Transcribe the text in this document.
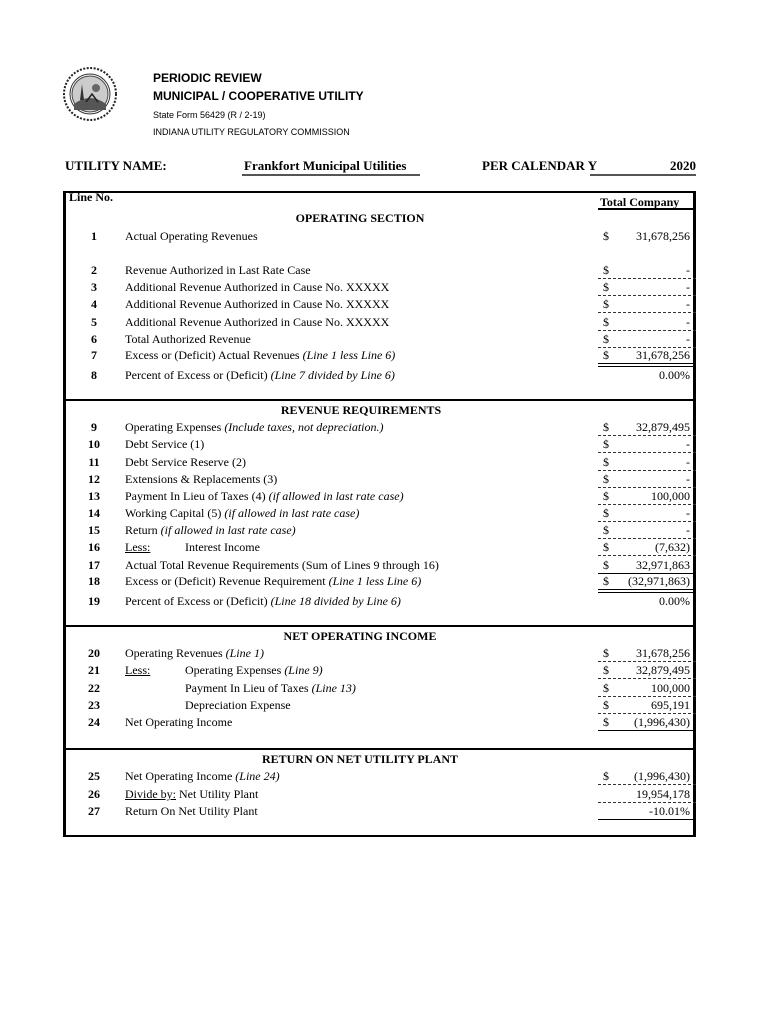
PERIODIC REVIEW
MUNICIPAL / COOPERATIVE UTILITY
State Form 56429 (R / 2-19)
INDIANA UTILITY REGULATORY COMMISSION
UTILITY NAME:	Frankfort Municipal Utilities	PER CALENDAR Y	2020
Line No.	Total Company
OPERATING SECTION
1	Actual Operating Revenues	$ 31,678,256
2	Revenue Authorized in Last Rate Case	$	-
3	Additional Revenue Authorized in Cause No. XXXXX	$	-
4	Additional Revenue Authorized in Cause No. XXXXX	$	-
5	Additional Revenue Authorized in Cause No. XXXXX	$	-
6	Total Authorized Revenue	$	-
7	Excess or (Deficit) Actual Revenues (Line 1 less Line 6)	$ 31,678,256
8	Percent of Excess or (Deficit) (Line 7 divided by Line 6)	0.00%
REVENUE REQUIREMENTS
9	Operating Expenses (Include taxes, not depreciation.)	$ 32,879,495
10	Debt Service (1)	$	-
11	Debt Service Reserve (2)	$	-
12	Extensions & Replacements (3)	$	-
13	Payment In Lieu of Taxes (4) (if allowed in last rate case)	$	100,000
14	Working Capital (5) (if allowed in last rate case)	$	-
15	Return (if allowed in last rate case)	$	-
16	Less:	Interest Income	$	(7,632)
17	Actual Total Revenue Requirements (Sum of Lines 9 through 16)	$ 32,971,863
18	Excess or (Deficit) Revenue Requirement (Line 1 less Line 6)	$ (32,971,863)
19	Percent of Excess or (Deficit) (Line 18 divided by Line 6)	0.00%
NET OPERATING INCOME
20	Operating Revenues (Line 1)	$ 31,678,256
21	Less:	Operating Expenses (Line 9)	$ 32,879,495
22	Payment In Lieu of Taxes (Line 13)	$	100,000
23	Depreciation Expense	$	695,191
24	Net Operating Income	$ (1,996,430)
RETURN ON NET UTILITY PLANT
25	Net Operating Income (Line 24)	$ (1,996,430)
26	Divide by: Net Utility Plant	19,954,178
27	Return On Net Utility Plant	-10.01%
